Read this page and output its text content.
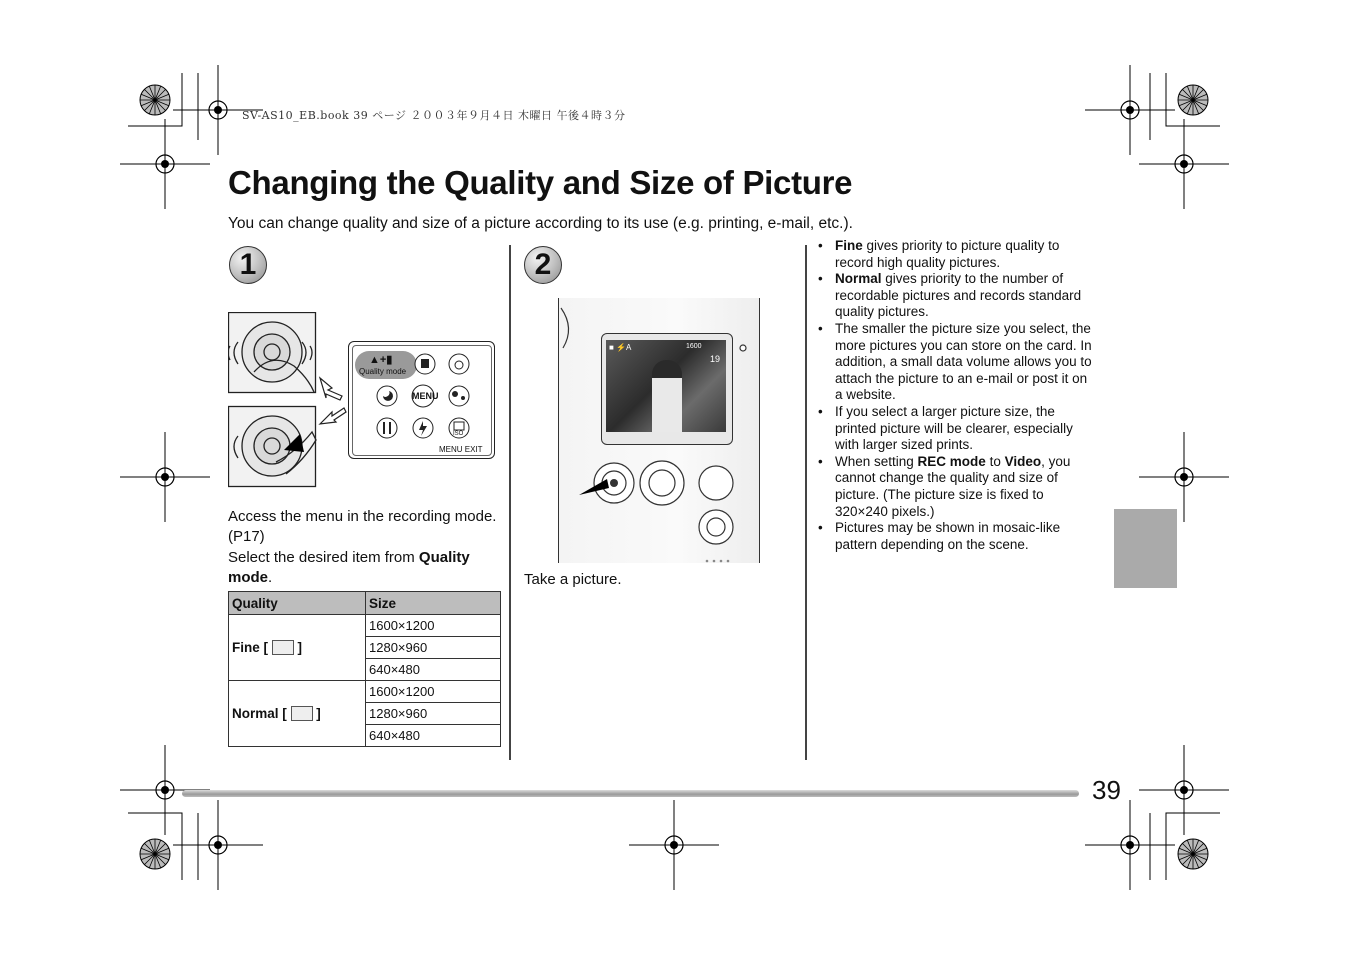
SV-AS10_EB.book 39 ページ ２００３年９月４日 木曜日 午後４時３分
Changing the Quality and Size of Picture
You can change quality and size of a picture according to its use (e.g. printing, e-mail, etc.).
1
Quality mode
▲+▮
MENU
ISO
MENU EXIT
Access the menu in the recording mode. (P17)
Select the desired item from Quality mode.
Quality	Size
Fine [ ]	1600×1200
	1280×960
	640×480
Normal [ ]	1600×1200
	1280×960
	640×480
2
1600
19
■ ⚡A
Take a picture.
• Fine gives priority to picture quality to record high quality pictures.
• Normal gives priority to the number of recordable pictures and records standard quality pictures.
• The smaller the picture size you select, the more pictures you can store on the card. In addition, a small data volume allows you to attach the picture to an e-mail or post it on a website.
• If you select a larger picture size, the printed picture will be clearer, especially with larger sized prints.
• When setting REC mode to Video, you cannot change the quality and size of picture. (The picture size is fixed to 320×240 pixels.)
• Pictures may be shown in mosaic-like pattern depending on the scene.
39
